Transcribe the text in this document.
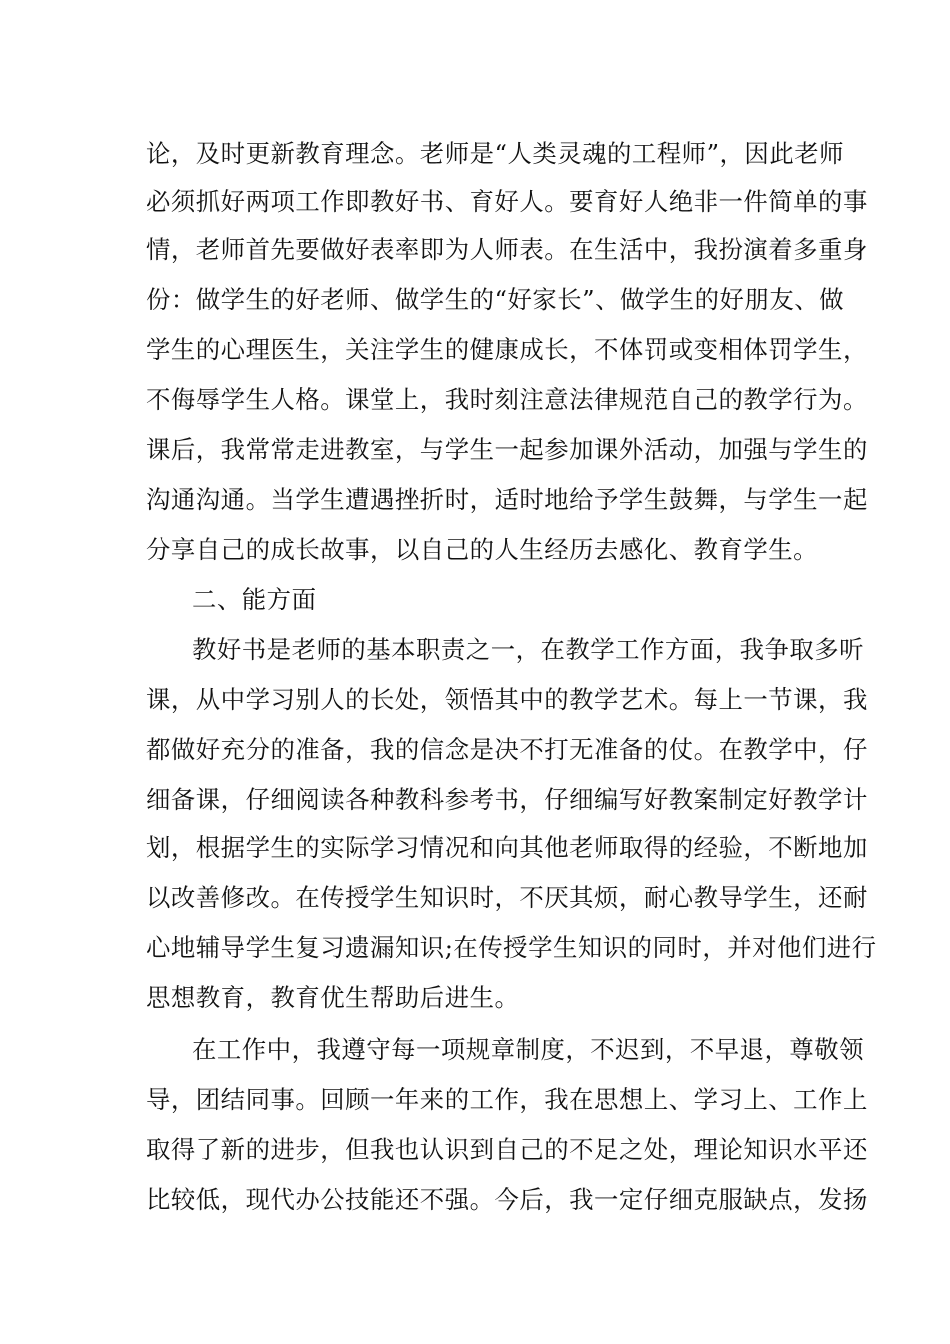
论，及时更新教育理念。老师是“人类灵魂的工程师”，因此老师
必须抓好两项工作即教好书、育好人。要育好人绝非一件简单的事
情，老师首先要做好表率即为人师表。在生活中，我扮演着多重身
份：做学生的好老师、做学生的“好家长”、做学生的好朋友、做
学生的心理医生，关注学生的健康成长，不体罚或变相体罚学生，
不侮辱学生人格。课堂上，我时刻注意法律规范自己的教学行为。
课后，我常常走进教室，与学生一起参加课外活动，加强与学生的
沟通沟通。当学生遭遇挫折时，适时地给予学生鼓舞，与学生一起
分享自己的成长故事，以自己的人生经历去感化、教育学生。
二、能方面
教好书是老师的基本职责之一，在教学工作方面，我争取多听
课，从中学习别人的长处，领悟其中的教学艺术。每上一节课，我
都做好充分的准备，我的信念是决不打无准备的仗。在教学中，仔
细备课，仔细阅读各种教科参考书，仔细编写好教案制定好教学计
划，根据学生的实际学习情况和向其他老师取得的经验，不断地加
以改善修改。在传授学生知识时，不厌其烦，耐心教导学生，还耐
心地辅导学生复习遗漏知识;在传授学生知识的同时，并对他们进行
思想教育，教育优生帮助后进生。
在工作中，我遵守每一项规章制度，不迟到，不早退，尊敬领
导，团结同事。回顾一年来的工作，我在思想上、学习上、工作上
取得了新的进步，但我也认识到自己的不足之处，理论知识水平还
比较低，现代办公技能还不强。今后，我一定仔细克服缺点，发扬
